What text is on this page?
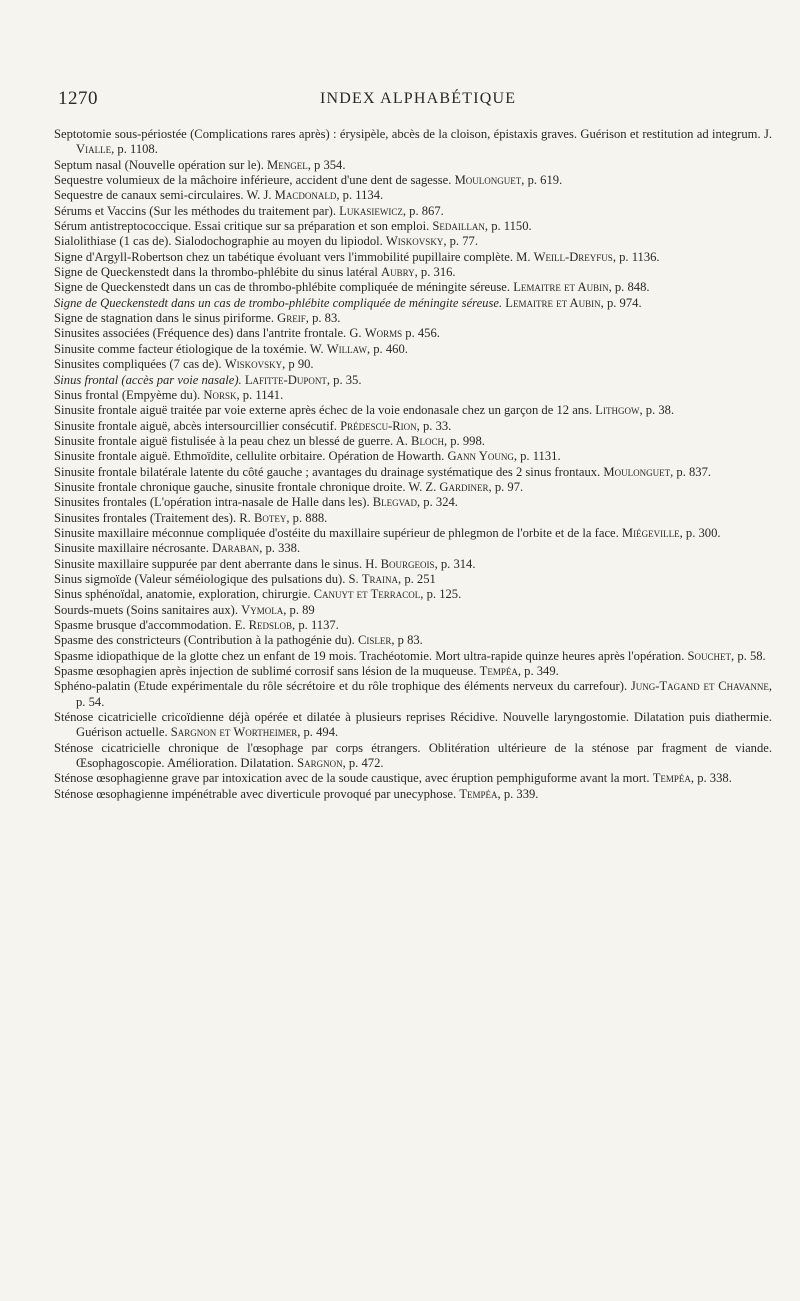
1270	INDEX ALPHABÉTIQUE

Septotomie sous-périostée (Complications rares après) : érysipèle, abcès de la cloison, épistaxis graves. Guérison et restitution ad integrum. J. Vialle, p. 1108.

Septum nasal (Nouvelle opération sur le). Mengel, p 354.

Sequestre volumieux de la mâchoire inférieure, accident d'une dent de sagesse. Moulonguet, p. 619.

Sequestre de canaux semi-circulaires. W. J. Macdonald, p. 1134.

Sérums et Vaccins (Sur les méthodes du traitement par). Lukasiewicz, p. 867.

Sérum antistreptococcique. Essai critique sur sa préparation et son emploi. Sedaillan, p. 1150.

Sialolithiase (1 cas de). Sialodochographie au moyen du lipiodol. Wiskovsky, p. 77.

Signe d'Argyll-Robertson chez un tabétique évoluant vers l'immobilité pupillaire complète. M. Weill-Dreyfus, p. 1136.

Signe de Queckenstedt dans la thrombo-phlébite du sinus latéral Aubry, p. 316.

Signe de Queckenstedt dans un cas de thrombo-phlébite compliquée de méningite séreuse. Lemaitre et Aubin, p. 848.

Signe de Queckenstedt dans un cas de trombo-phlébite compliquée de méningite séreuse. Lemaitre et Aubin, p. 974.

Signe de stagnation dans le sinus piriforme. Greif, p. 83.

Sinusites associées (Fréquence des) dans l'antrite frontale. G. Worms p. 456.

Sinusite comme facteur étiologique de la toxémie. W. Willaw, p. 460.

Sinusites compliquées (7 cas de). Wiskovsky, p 90.

Sinus frontal (accès par voie nasale). Lafitte-Dupont, p. 35.

Sinus frontal (Empyème du). Norsk, p. 1141.

Sinusite frontale aiguë traitée par voie externe après échec de la voie endonasale chez un garçon de 12 ans. Lithgow, p. 38.

Sinusite frontale aiguë, abcès intersourcillier consécutif. Prédescu-Rion, p. 33.

Sinusite frontale aiguë fistulisée à la peau chez un blessé de guerre. A. Bloch, p. 998.

Sinusite frontale aiguë. Ethmoïdite, cellulite orbitaire. Opération de Howarth. Gann Young, p. 1131.

Sinusite frontale bilatérale latente du côté gauche ; avantages du drainage systématique des 2 sinus frontaux. Moulonguet, p. 837.

Sinusite frontale chronique gauche, sinusite frontale chronique droite. W. Z. Gardiner, p. 97.

Sinusites frontales (L'opération intra-nasale de Halle dans les). Blegvad, p. 324.

Sinusites frontales (Traitement des). R. Botey, p. 888.

Sinusite maxillaire méconnue compliquée d'ostéite du maxillaire supérieur de phlegmon de l'orbite et de la face. Miégeville, p. 300.

Sinusite maxillaire nécrosante. Daraban, p. 338.

Sinusite maxillaire suppurée par dent aberrante dans le sinus. H. Bourgeois, p. 314.

Sinus sigmoïde (Valeur séméiologique des pulsations du). S. Traina, p. 251

Sinus sphénoïdal, anatomie, exploration, chirurgie. Canuyt et Terracol, p. 125.

Sourds-muets (Soins sanitaires aux). Vymola, p. 89

Spasme brusque d'accommodation. E. Redslob, p. 1137.

Spasme des constricteurs (Contribution à la pathogénie du). Cisler, p 83.

Spasme idiopathique de la glotte chez un enfant de 19 mois. Trachéotomie. Mort ultra-rapide quinze heures après l'opération. Souchet, p. 58.

Spasme œsophagien après injection de sublimé corrosif sans lésion de la muqueuse. Tempéa, p. 349.

Sphéno-palatin (Etude expérimentale du rôle sécrétoire et du rôle trophique des éléments nerveux du carrefour). Jung-Tagand et Chavanne, p. 54.

Sténose cicatricielle cricoïdienne déjà opérée et dilatée à plusieurs reprises Récidive. Nouvelle laryngostomie. Dilatation puis diathermie. Guérison actuelle. Sargnon et Wortheimer, p. 494.

Sténose cicatricielle chronique de l'œsophage par corps étrangers. Oblitération ultérieure de la sténose par fragment de viande. Œsophagoscopie. Amélioration. Dilatation. Sargnon, p. 472.

Sténose œsophagienne grave par intoxication avec de la soude caustique, avec éruption pemphiguforme avant la mort. Tempéa, p. 338.

Sténose œsophagienne impénétrable avec diverticule provoqué par unecyphose. Tempéa, p. 339.
